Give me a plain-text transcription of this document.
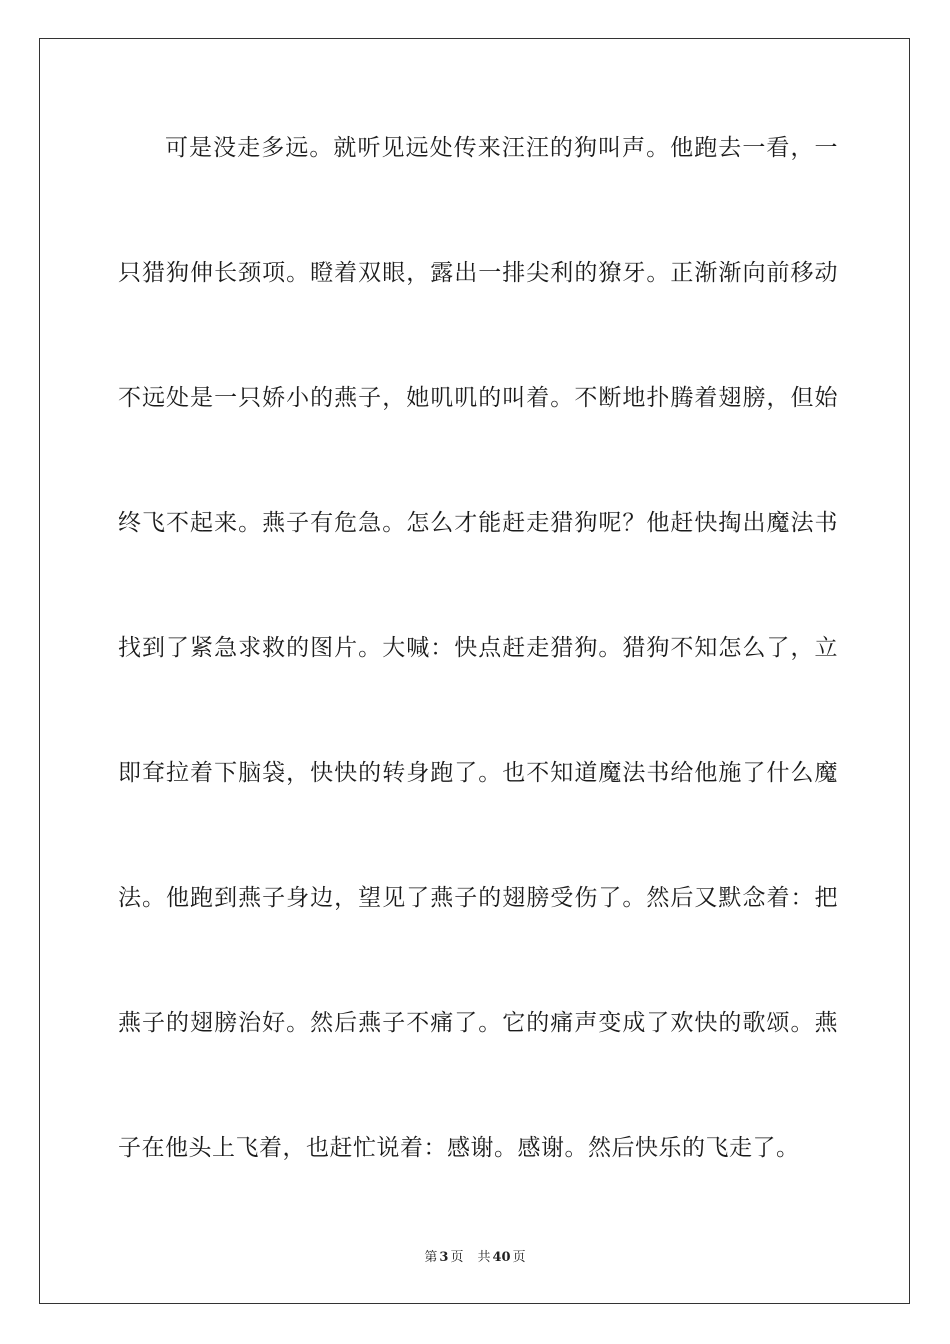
可是没走多远。就听见远处传来汪汪的狗叫声。他跑去一看，一
只猎狗伸长颈项。瞪着双眼，露出一排尖利的獠牙。正渐渐向前移动
不远处是一只娇小的燕子，她叽叽的叫着。不断地扑腾着翅膀，但始
终飞不起来。燕子有危急。怎么才能赶走猎狗呢？他赶快掏出魔法书
找到了紧急求救的图片。大喊：快点赶走猎狗。猎狗不知怎么了，立
即耷拉着下脑袋，快快的转身跑了。也不知道魔法书给他施了什么魔
法。他跑到燕子身边，望见了燕子的翅膀受伤了。然后又默念着：把
燕子的翅膀治好。然后燕子不痛了。它的痛声变成了欢快的歌颂。燕
子在他头上飞着，也赶忙说着：感谢。感谢。然后快乐的飞走了。
第 3 页 共 40 页
